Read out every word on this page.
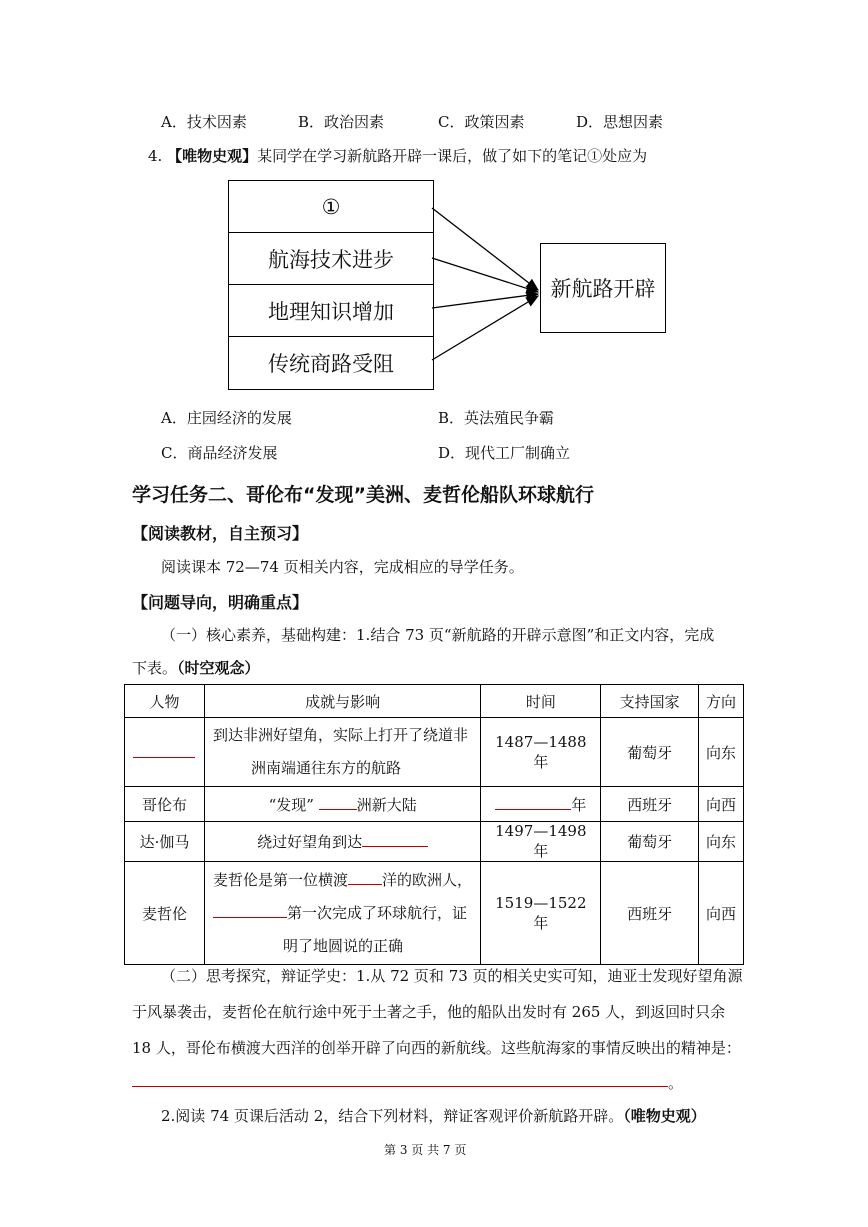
A．技术因素	B．政治因素	C．政策因素	D．思想因素
4. 【唯物史观】某同学在学习新航路开辟一课后，做了如下的笔记①处应为
①
航海技术进步
地理知识增加
传统商路受阻
新航路开辟
A．庄园经济的发展	B．英法殖民争霸
C．商品经济发展	D．现代工厂制确立
学习任务二、哥伦布“发现”美洲、麦哲伦船队环球航行
【阅读教材，自主预习】
阅读课本 72—74 页相关内容，完成相应的导学任务。
【问题导向，明确重点】
（一）核心素养，基础构建：1.结合 73 页“新航路的开辟示意图”和正文内容，完成
下表。（时空观念）
人物	成就与影响	时间	支持国家	方向

	到达非洲好望角，实际上打开了绕道非
洲南端通往东方的航路	1487—1488 年	葡萄牙	向东
哥伦布	“发现” 洲新大陆	年	西班牙	向西
达·伽马	绕过好望角到达	1497—1498 年	葡萄牙	向东
麦哲伦	麦哲伦是第一位横渡 洋的欧洲人，
第一次完成了环球航行，证
明了地圆说的正确	1519—1522 年	西班牙	向西
（二）思考探究，辩证学史：1.从 72 页和 73 页的相关史实可知，迪亚士发现好望角源
于风暴袭击，麦哲伦在航行途中死于土著之手，他的船队出发时有 265 人，到返回时只余
18 人，哥伦布横渡大西洋的创举开辟了向西的新航线。这些航海家的事情反映出的精神是：
。
2.阅读 74 页课后活动 2，结合下列材料，辩证客观评价新航路开辟。（唯物史观）
第 3 页 共 7 页
